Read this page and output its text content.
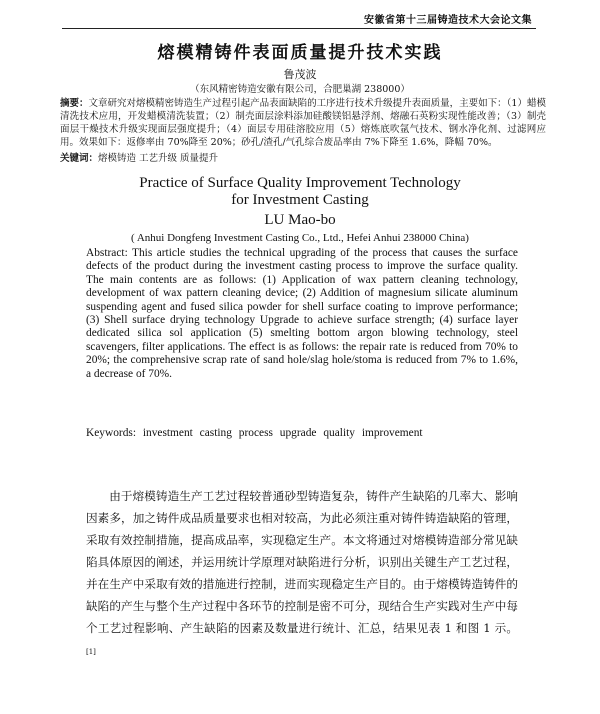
安徽省第十三届铸造技术大会论文集
熔模精铸件表面质量提升技术实践
鲁茂波
（东风精密铸造安徽有限公司，合肥巢湖 238000）
摘要：文章研究对熔模精密铸造生产过程引起产品表面缺陷的工序进行技术升级提升表面质量，主要如下：（1）蜡模清洗技术应用，开发蜡模清洗装置；（2）制壳面层涂料添加硅酸镁铝悬浮剂、熔融石英粉实现性能改善；（3）制壳面层干燥技术升级实现面层强度提升；（4）面层专用硅溶胶应用（5）熔炼底吹氩气技术、钢水净化剂、过滤网应用。效果如下：返修率由 70%降至 20%；砂孔/渣孔/气孔综合废品率由 7%下降至 1.6%，降幅 70%。
关键词：熔模铸造 工艺升级 质量提升
Practice of Surface Quality Improvement Technology
for Investment Casting
LU Mao-bo
( Anhui Dongfeng Investment Casting Co., Ltd., Hefei Anhui 238000 China)
Abstract: This article studies the technical upgrading of the process that causes the surface defects of the product during the investment casting process to improve the surface quality. The main contents are as follows: (1) Application of wax pattern cleaning technology, development of wax pattern cleaning device; (2) Addition of magnesium silicate aluminum suspending agent and fused silica powder for shell surface coating to improve performance; (3) Shell surface drying technology Upgrade to achieve surface strength; (4) surface layer dedicated silica sol application (5) smelting bottom argon blowing technology, steel scavengers, filter applications. The effect is as follows: the repair rate is reduced from 70% to 20%; the comprehensive scrap rate of sand hole/slag hole/stoma is reduced from 7% to 1.6%, a decrease of 70%.
Keywords: investment casting process upgrade quality improvement
由于熔模铸造生产工艺过程较普通砂型铸造复杂，铸件产生缺陷的几率大、影响因素多，加之铸件成品质量要求也相对较高，为此必须注重对铸件铸造缺陷的管理，采取有效控制措施，提高成品率，实现稳定生产。本文将通过对熔模铸造部分常见缺陷具体原因的阐述，并运用统计学原理对缺陷进行分析，识别出关键生产工艺过程，并在生产中采取有效的措施进行控制，进而实现稳定生产目的。由于熔模铸造铸件的缺陷的产生与整个生产过程中各环节的控制是密不可分，现结合生产实践对生产中每个工艺过程影响、产生缺陷的因素及数量进行统计、汇总，结果见表 1 和图 1 示。[1]
